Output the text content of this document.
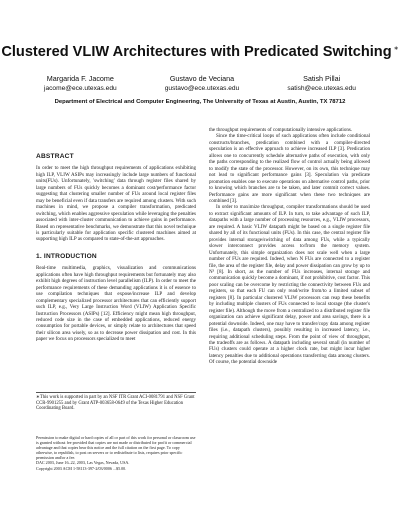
Clustered VLIW Architectures with Predicated Switching ∗
Margarida F. Jacome
jacome@ece.utexas.edu
Gustavo de Veciana
gustavo@ece.utexas.edu
Satish Pillai
satish@ece.utexas.edu
Department of Electrical and Computer Engineering, The University of Texas at Austin, Austin, TX 78712
ABSTRACT

In order to meet the high throughput requirements of applications exhibiting high ILP, VLIW ASIPs may increasingly include large numbers of functional units(FUs). Unfortunately, 'switching' data through register files shared by large numbers of FUs quickly becomes a dominant cost/performance factor suggesting that clustering smaller number of FUs around local register files may be beneficial even if data transfers are required among clusters. With such machines in mind, we propose a compiler transformation, predicated switching, which enables aggressive speculation while leveraging the penalties associated with inter-cluster communication to achieve gains in performance. Based on representative benchmarks, we demonstrate that this novel technique is particularly suitable for application specific clustered machines aimed at supporting high ILP as compared to state-of-the-art approaches.

1. INTRODUCTION

Real-time multimedia, graphics, visualization and communications applications often have high throughput requirements but fortunately may also exhibit high degrees of instruction level parallelism (ILP). In order to meet the performance requirements of these demanding applications it is of essence to use compilation techniques that expose/increase ILP and develop complementary specialized processor architectures that can efficiently support such ILP, e.g., Very Large Instruction Word (VLIW) Application Specific Instruction Processors (ASIPs) [12]. Efficiency might mean high throughput, reduced code size in the case of embedded applications, reduced energy consumption for portable devices, or simply relate to architectures that speed their silicon area wisely, so as to decrease power dissipation and cost. In this paper we focus on processors specialized to meet

∗This work is supported in part by an NSF ITR Grant ACI-0081791 and NSF Grant CCR-9901255 and by Grant ATP-003658-0649 of the Texas Higher Education Coordinating Board.
Permission to make digital or hard copies of all or part of this work for personal or classroom use is granted without fee provided that copies are not made or distributed for profit or commercial advantage and that copies bear this notice and the full citation on the first page. To copy otherwise, to republish, to post on servers or to redistribute to lists, requires prior specific permission and/or a fee.
DAC 2003, June 16–22, 2003, Las Vegas, Nevada, USA.
Copyright 2003 ACM 1-58113-397-2/03/0006 ...$5.00.

the throughput requirements of computationally intensive applications.

Since the time-critical loops of such applications often include conditional constructs/branches, predication combined with a compiler-directed speculation is an effective approach to achieve increased ILP [3]. Predication allows one to concurrently schedule alternative paths of execution, with only the paths corresponding to the realized flow of control actually being allowed to modify the state of the processor. However, on its own, this technique may not lead to significant performance gains [3]. Speculation via predicate promotion enables one to execute operations on alternative control paths, prior to knowing which branches are to be taken, and later commit correct values. Performance gains are more significant when these two techniques are combined [3].

In order to maximize throughput, compiler transformations should be used to extract significant amounts of ILP. In turn, to take advantage of such ILP, datapaths with a large number of processing resources, e.g., VLIW processors, are required. A basic VLIW datapath might be based on a single register file shared by all of its functional units (FUs). In this case, the central register file provides internal storage/switching of data among FUs, while a typically slower interconnect provides access to/from the memory system. Unfortunately, this simple organization does not scale well when a large number of FUs are required. Indeed, when N FUs are connected to a register file, the area of the register file, delay and power dissipation can grow by up to N³ [8]. In short, as the number of FUs increases, internal storage and communication quickly become a dominant, if not prohibitive, cost factor. This poor scaling can be overcome by restricting the connectivity between FUs and registers, so that each FU can only read/write from/to a limited subset of registers [8]. In particular clustered VLIW processors can reap these benefits by including multiple clusters of FUs connected to local storage (the cluster's register file). Although the move from a centralized to a distributed register file organization can achieve significant delay, power and area savings, there is a potential downside. Indeed, one may have to transfer/copy data among register files (i.e., datapath clusters), possibly resulting in increased latency, i.e., requiring additional scheduling steps. From the point of view of throughput, the tradeoffs are as follows. A datapath including several small (in number of FUs) clusters could operate at a higher clock rate, but might incur higher latency penalties due to additional operations transferring data among clusters. Of course, the potential downside
